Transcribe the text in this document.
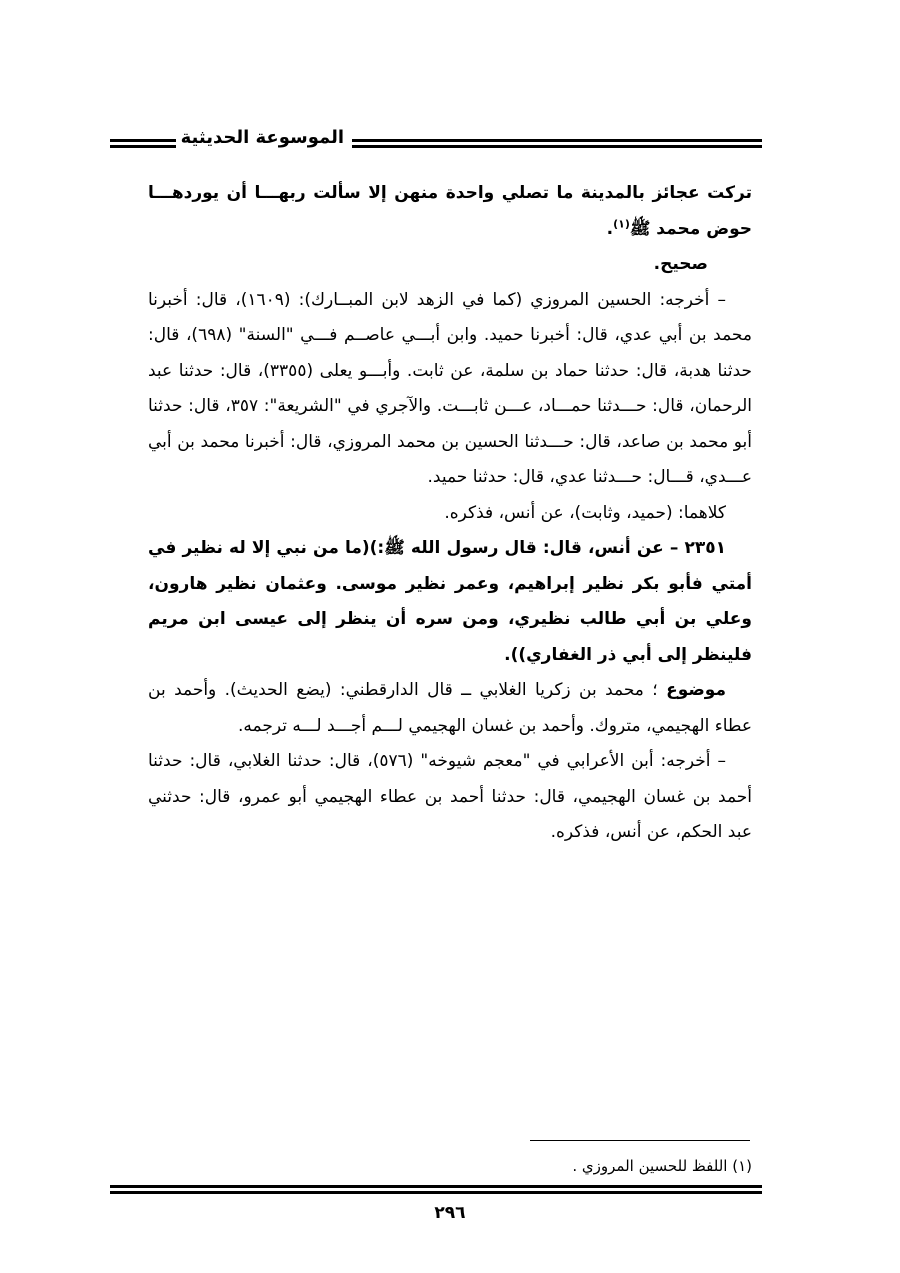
الموسوعة الحديثية

تركت عجائز بالمدينة ما تصلي واحدة منهن إلا سألت ربهـــا أن يوردهـــا حوض محمد ﷺ$^{(١)}$.

صحيح.

– أخرجه: الحسين المروزي (كما في الزهد لابن المبــارك): (١٦٠٩)، قال: أخبرنا محمد بن أبي عدي، قال: أخبرنا حميد. وابن أبـــي عاصــم فـــي "السنة" (٦٩٨)، قال: حدثنا هدبة، قال: حدثنا حماد بن سلمة، عن ثابت. وأبـــو يعلى (٣٣٥٥)، قال: حدثنا عبد الرحمان، قال: حـــدثنا حمـــاد، عـــن ثابـــت. والآجري في "الشريعة": ٣٥٧، قال: حدثنا أبو محمد بن صاعد، قال: حـــدثنا الحسين بن محمد المروزي، قال: أخبرنا محمد بن أبي عـــدي، قـــال: حـــدثنا عدي، قال: حدثنا حميد.

كلاهما: (حميد، وثابت)، عن أنس، فذكره.

٢٣٥١ – عن أنس، قال: قال رسول الله ﷺ:)(ما من نبي إلا له نظير في أمتي فأبو بكر نظير إبراهيم، وعمر نظير موسى. وعثمان نظير هارون، وعلي بن أبي طالب نظيري، ومن سره أن ينظر إلى عيسى ابن مريم فلينظر إلى أبي ذر الغفاري)).

موضوع ؛ محمد بن زكريا الغلابي ــ قال الدارقطني: (يضع الحديث). وأحمد بن عطاء الهجيمي، متروك. وأحمد بن غسان الهجيمي لـــم أجـــد لـــه ترجمه.

– أخرجه: أبن الأعرابي في "معجم شيوخه" (٥٧٦)، قال: حدثنا الغلابي، قال: حدثنا أحمد بن غسان الهجيمي، قال: حدثنا أحمد بن عطاء الهجيمي أبو عمرو، قال: حدثني عبد الحكم، عن أنس، فذكره.

(١) اللفظ للحسين المروزي .
٢٩٦
